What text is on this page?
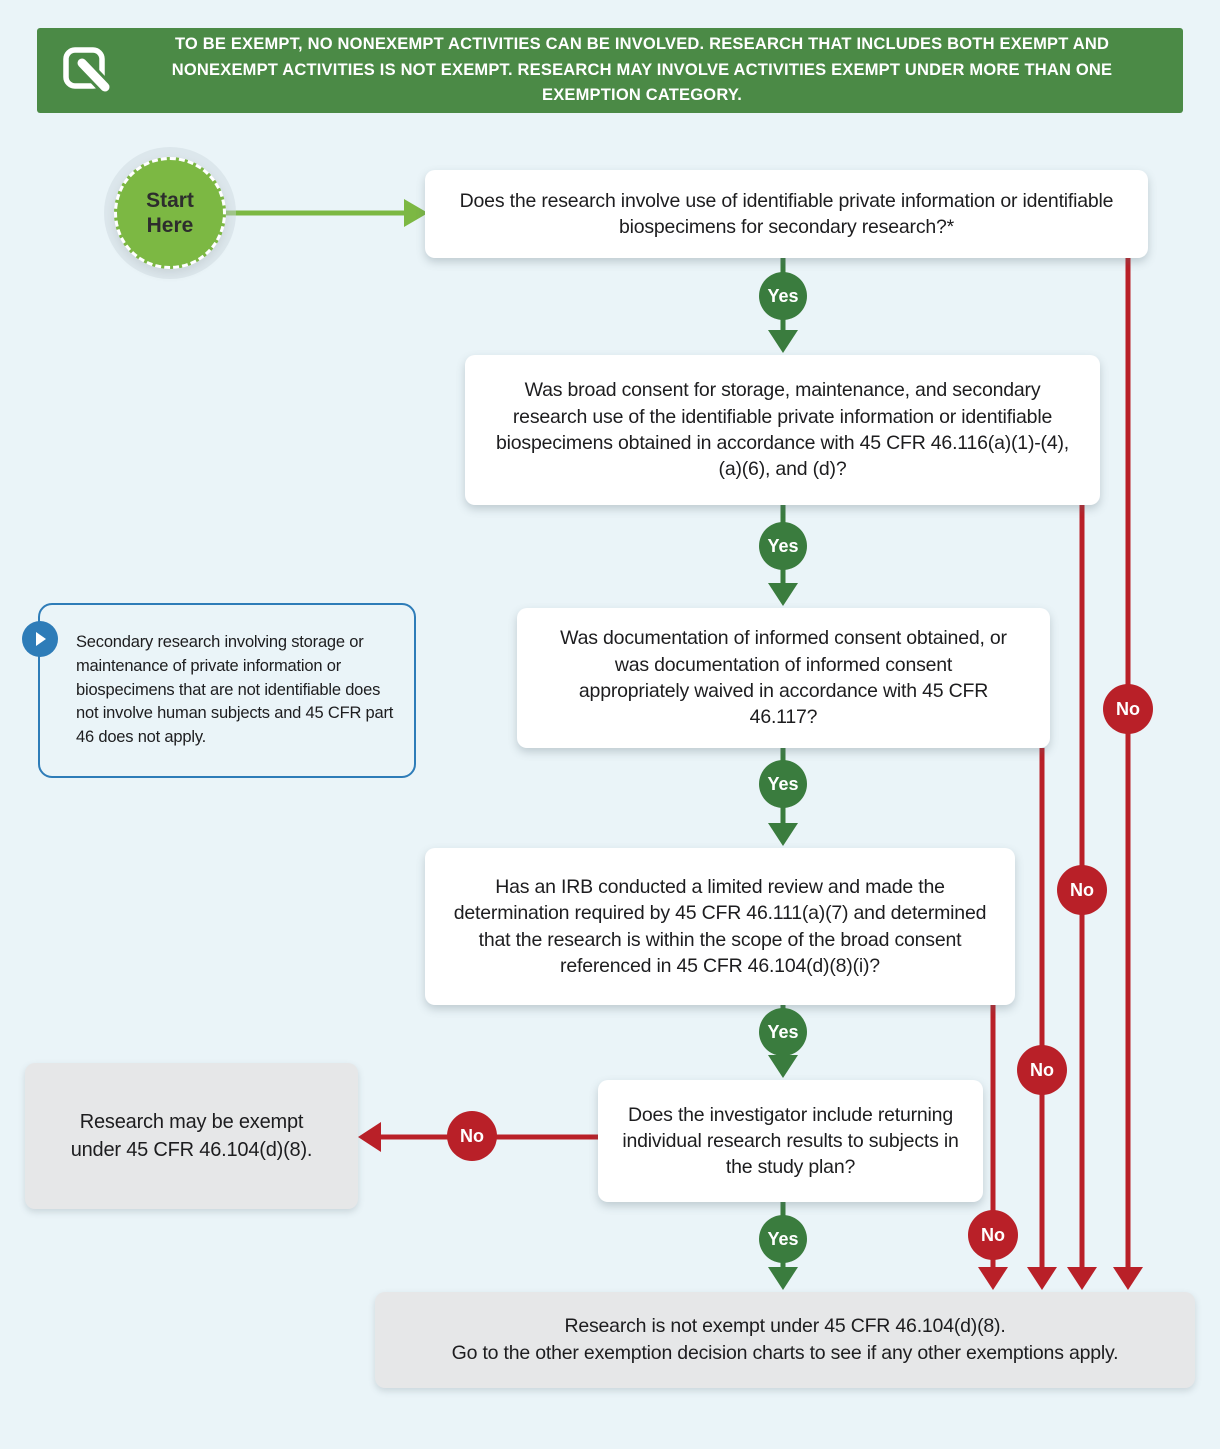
TO BE EXEMPT, NO NONEXEMPT ACTIVITIES CAN BE INVOLVED. RESEARCH THAT INCLUDES BOTH EXEMPT AND NONEXEMPT ACTIVITIES IS NOT EXEMPT. RESEARCH MAY INVOLVE ACTIVITIES EXEMPT UNDER MORE THAN ONE EXEMPTION CATEGORY.

Start Here
Does the research involve use of identifiable private information or identifiable biospecimens for secondary research?*
Was broad consent for storage, maintenance, and secondary research use of the identifiable private information or identifiable biospecimens obtained in accordance with 45 CFR 46.116(a)(1)-(4), (a)(6), and (d)?
Was documentation of informed consent obtained, or was documentation of informed consent appropriately waived in accordance with 45 CFR 46.117?
Has an IRB conducted a limited review and made the determination required by 45 CFR 46.111(a)(7) and determined that the research is within the scope of the broad consent referenced in 45 CFR 46.104(d)(8)(i)?
Does the investigator include returning individual research results to subjects in the study plan?

Secondary research involving storage or maintenance of private information or biospecimens that are not identifiable does not involve human subjects and 45 CFR part 46 does not apply.

Yes
Yes
Yes
Yes
Yes
No
No
No
No
No
Research may be exempt under 45 CFR 46.104(d)(8).
Research is not exempt under 45 CFR 46.104(d)(8).
Go to the other exemption decision charts to see if any other exemptions apply.
